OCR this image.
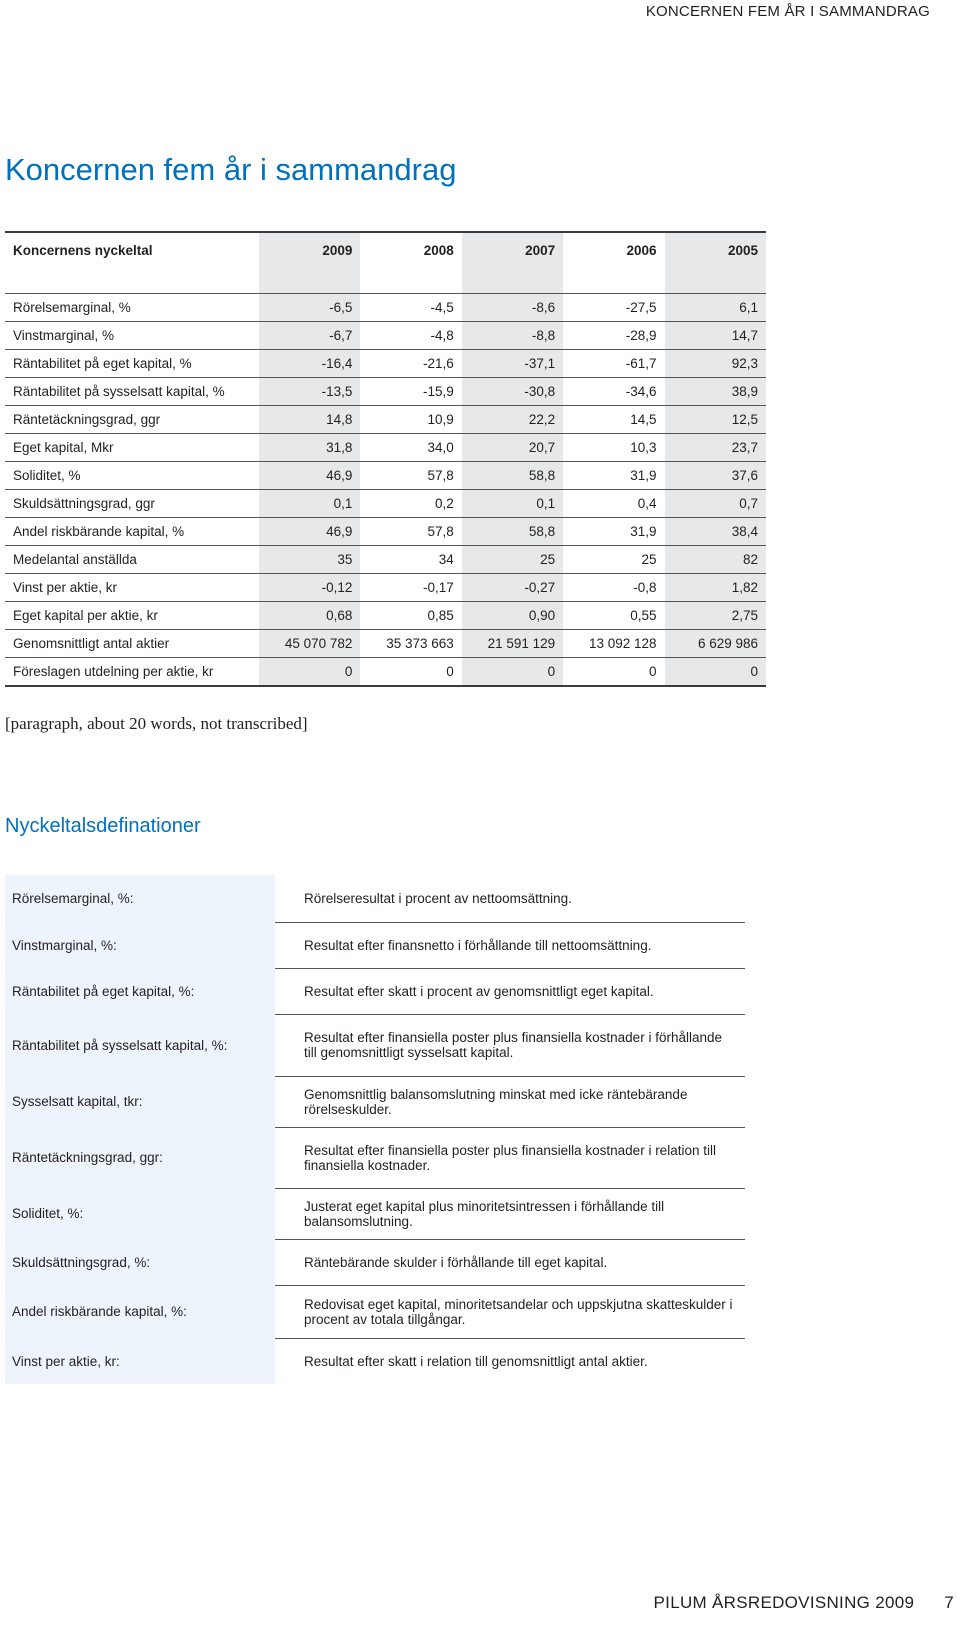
KONCERNEN FEM ÅR I SAMMANDRAG
Koncernen fem år i sammandrag
Koncernens nyckeltal	2009	2008	2007	2006	2005

Rörelsemarginal, %	-6,5	-4,5	-8,6	-27,5	6,1
Vinstmarginal, %	-6,7	-4,8	-8,8	-28,9	14,7
Räntabilitet på eget kapital, %	-16,4	-21,6	-37,1	-61,7	92,3
Räntabilitet på sysselsatt kapital, %	-13,5	-15,9	-30,8	-34,6	38,9
Räntetäckningsgrad, ggr	14,8	10,9	22,2	14,5	12,5
Eget kapital, Mkr	31,8	34,0	20,7	10,3	23,7
Soliditet, %	46,9	57,8	58,8	31,9	37,6
Skuldsättningsgrad, ggr	0,1	0,2	0,1	0,4	0,7
Andel riskbärande kapital, %	46,9	57,8	58,8	31,9	38,4
Medelantal anställda	35	34	25	25	82
Vinst per aktie, kr	-0,12	-0,17	-0,27	-0,8	1,82
Eget kapital per aktie, kr	0,68	0,85	0,90	0,55	2,75
Genomsnittligt antal aktier	45 070 782	35 373 663	21 591 129	13 092 128	6 629 986
Föreslagen utdelning per aktie, kr	0	0	0	0	0

[paragraph, about 20 words, not transcribed]

Nyckeltalsdefinationer
Rörelsemarginal, %:	Rörelseresultat i procent av nettoomsättning.
Vinstmarginal, %:	Resultat efter finansnetto i förhållande till nettoomsättning.
Räntabilitet på eget kapital, %:	Resultat efter skatt i procent av genomsnittligt eget kapital.
Räntabilitet på sysselsatt kapital, %:	Resultat efter finansiella poster plus finansiella kostnader i förhållande
till genomsnittligt sysselsatt kapital.
Sysselsatt kapital, tkr:	Genomsnittlig balansomslutning minskat med icke räntebärande rörelseskulder.
Räntetäckningsgrad, ggr:	Resultat efter finansiella poster plus finansiella kostnader i relation till finansiella kostnader.
Soliditet, %:	Justerat eget kapital plus minoritetsintressen i förhållande till balansomslutning.
Skuldsättningsgrad, %:	Räntebärande skulder i förhållande till eget kapital.
Andel riskbärande kapital, %:	Redovisat eget kapital, minoritetsandelar och uppskjutna skatteskulder i procent av totala tillgångar.
Vinst per aktie, kr:	Resultat efter skatt i relation till genomsnittligt antal aktier.
PILUM ÅRSREDOVISNING 2009 7
